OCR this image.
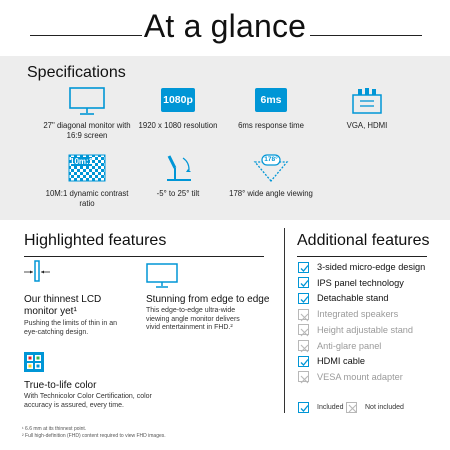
At a glance
Specifications
27" diagonal monitor with 16:9 screen
1080p
1920 x 1080 resolution
6ms
6ms response time	VGA, HDMI
10m:1
10M:1 dynamic contrast ratio
-5° to 25° tilt
178°
178° wide angle viewing
Highlighted features
Our thinnest LCD monitor yet¹
Pushing the limits of thin in an eye-catching design.
Stunning from edge to edge
This edge-to-edge ultra-wide viewing angle monitor delivers vivid entertainment in FHD.²
True-to-life color
With Technicolor Color Certification, color accuracy is assured, every time.
¹ 6.6 mm at its thinnest point.
² Full high-definition (FHD) content required to view FHD images.
Additional features
3-sided micro-edge design
IPS panel technology
Detachable stand
Integrated speakers
Height adjustable stand
Anti-glare panel
HDMI cable
VESA mount adapter
Included	Not included
